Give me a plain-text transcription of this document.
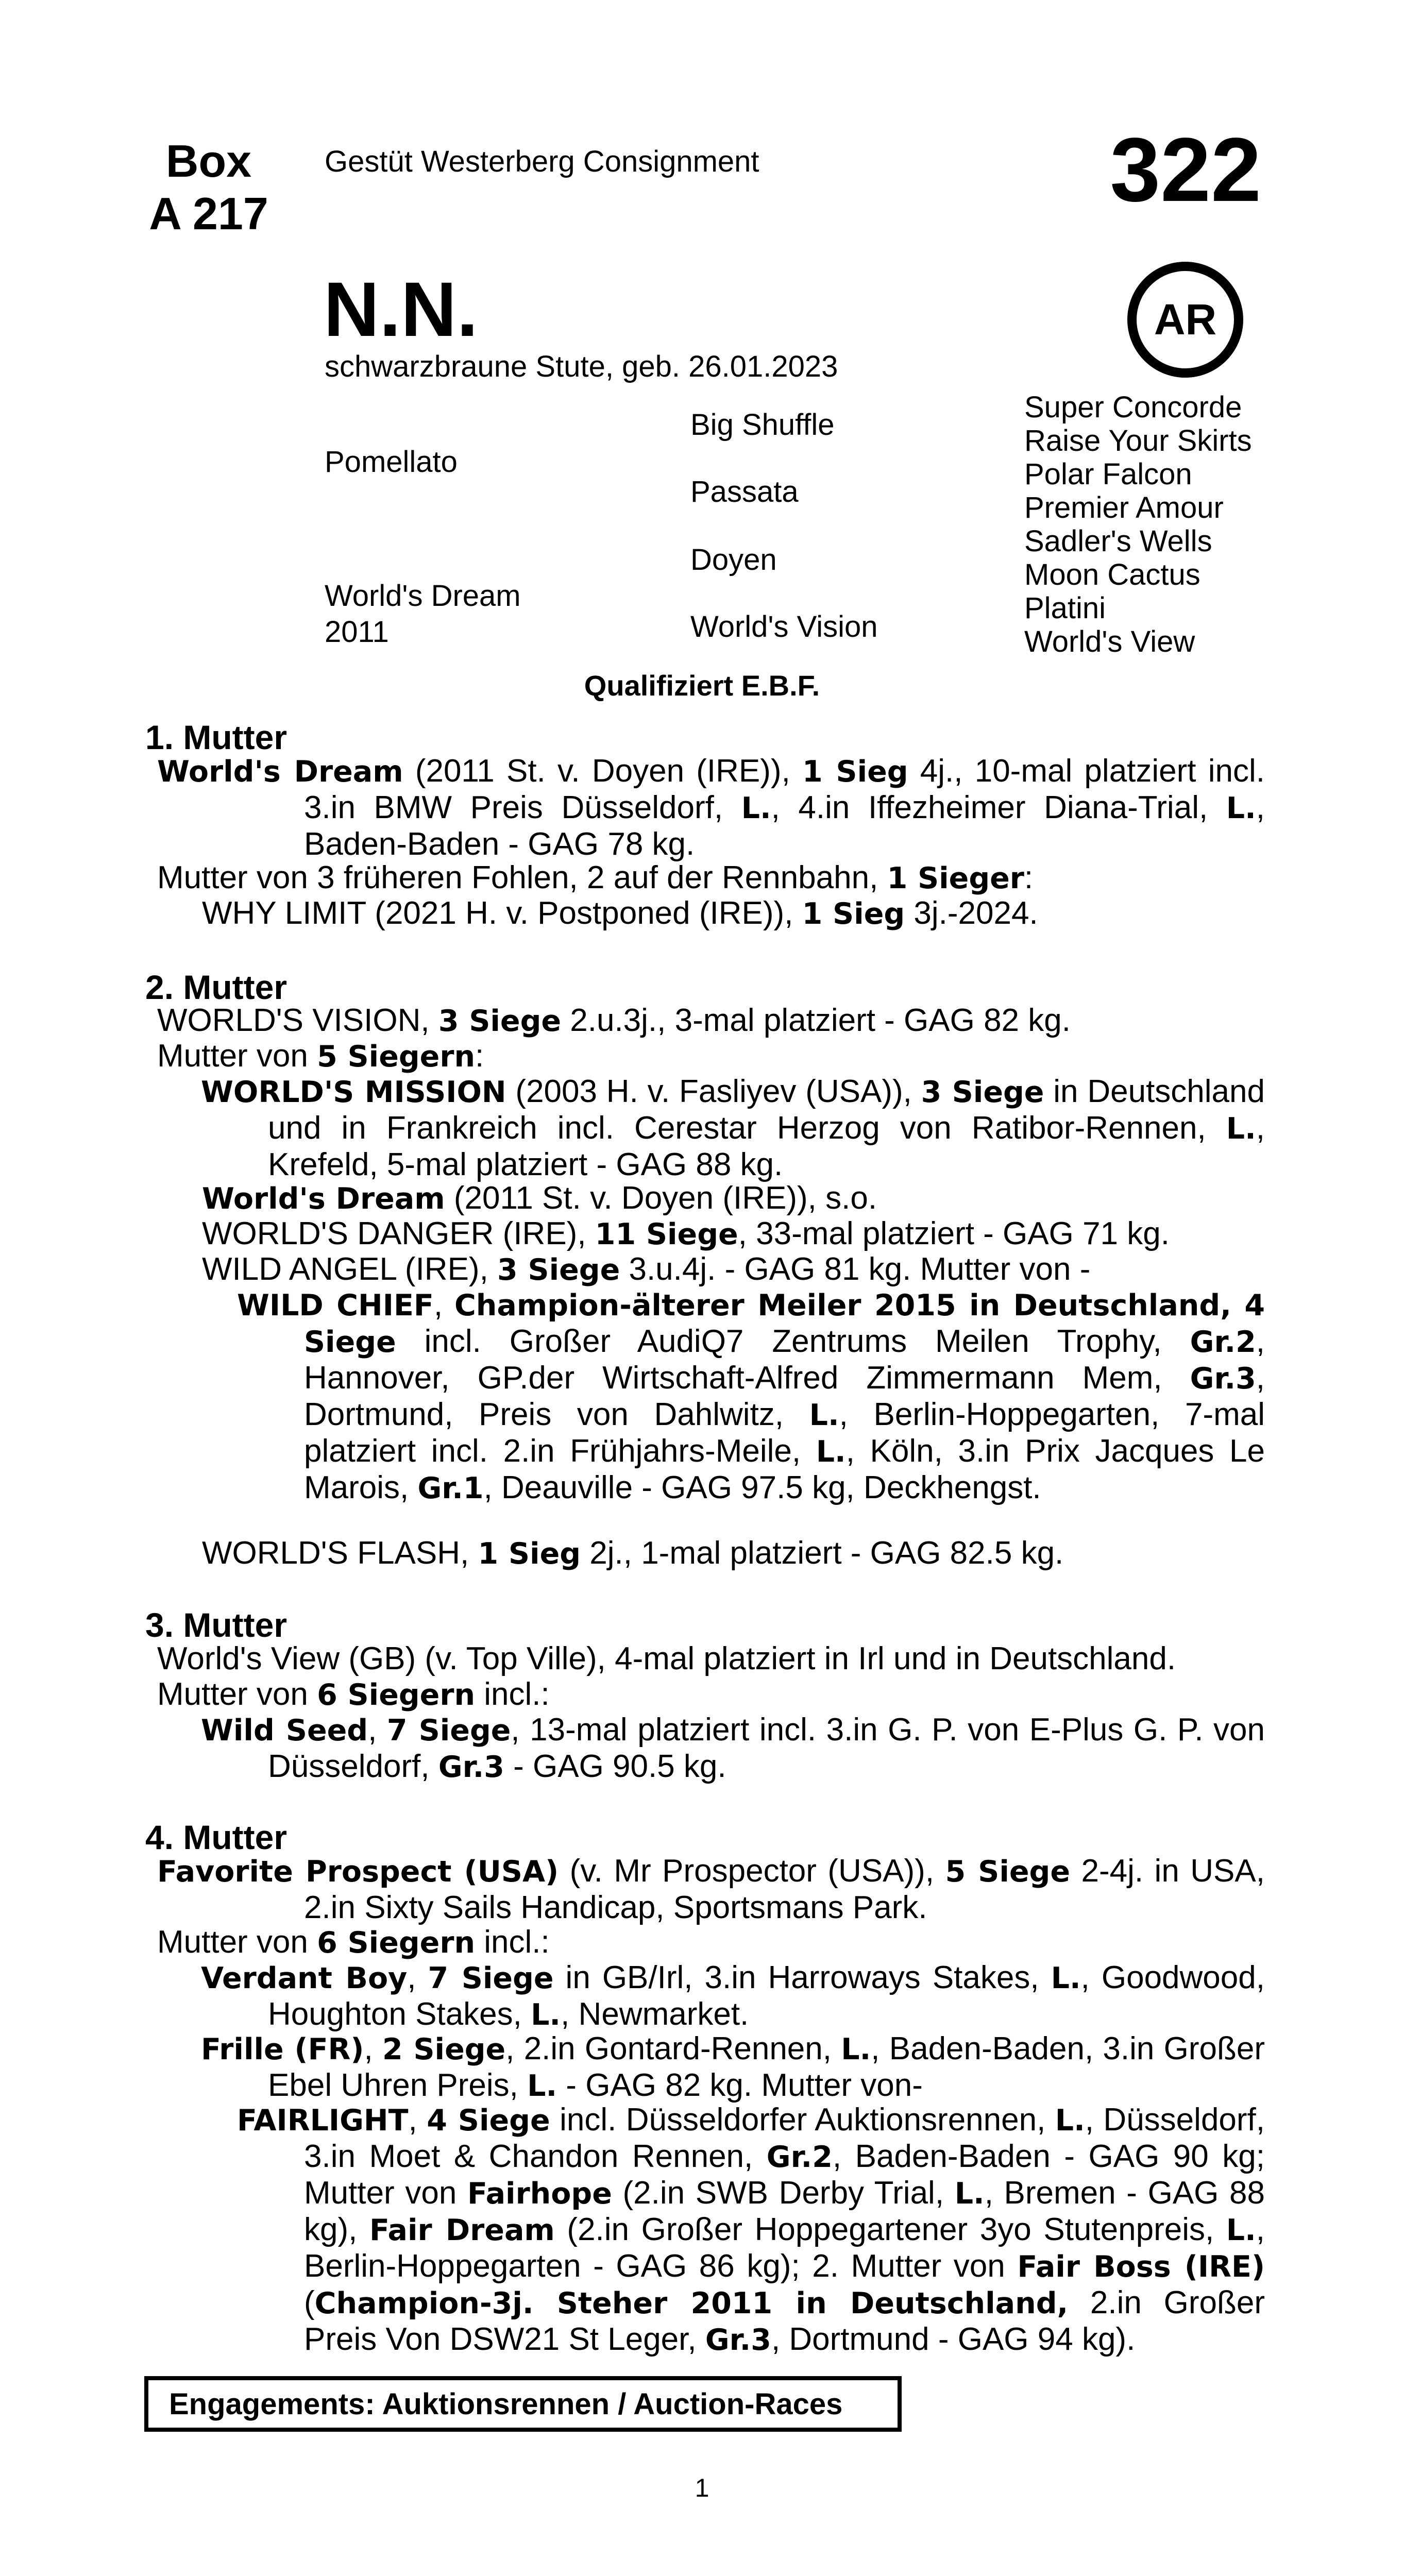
Box
A 217
Gestüt Westerberg Consignment	322
AR
N.N.
schwarzbraune Stute, geb. 26.01.2023
Pomellato
World's Dream
2011
Big Shuffle
Passata
Doyen
World's Vision
Super Concorde
Raise Your Skirts
Polar Falcon
Premier Amour
Sadler's Wells
Moon Cactus
Platini
World's View
Qualifiziert E.B.F.
1. Mutter

World's Dream (2011 St. v. Doyen (IRE)), 1 Sieg 4j., 10-mal platziert incl. 3.in BMW Preis Düsseldorf, L., 4.in Iffezheimer Diana-Trial, L., Baden-Baden - GAG 78 kg.

Mutter von 3 früheren Fohlen, 2 auf der Rennbahn, 1 Sieger:

WHY LIMIT (2021 H. v. Postponed (IRE)), 1 Sieg 3j.-2024.

2. Mutter

WORLD'S VISION, 3 Siege 2.u.3j., 3-mal platziert - GAG 82 kg.

Mutter von 5 Siegern:

WORLD'S MISSION (2003 H. v. Fasliyev (USA)), 3 Siege in Deutschland und in Frankreich incl. Cerestar Herzog von Ratibor-Rennen, L., Krefeld, 5-mal platziert - GAG 88 kg.

World's Dream (2011 St. v. Doyen (IRE)), s.o.

WORLD'S DANGER (IRE), 11 Siege, 33-mal platziert - GAG 71 kg.

WILD ANGEL (IRE), 3 Siege 3.u.4j. - GAG 81 kg. Mutter von -

WILD CHIEF, Champion-älterer Meiler 2015 in Deutschland, 4 Siege incl. Großer AudiQ7 Zentrums Meilen Trophy, Gr.2, Hannover, GP.der Wirtschaft-Alfred Zimmermann Mem, Gr.3, Dortmund, Preis von Dahlwitz, L., Berlin-Hoppegarten, 7-mal platziert incl. 2.in Frühjahrs-Meile, L., Köln, 3.in Prix Jacques Le Marois, Gr.1, Deauville - GAG 97.5 kg, Deckhengst.

WORLD'S FLASH, 1 Sieg 2j., 1-mal platziert - GAG 82.5 kg.

3. Mutter

World's View (GB) (v. Top Ville), 4-mal platziert in Irl und in Deutschland.

Mutter von 6 Siegern incl.:

Wild Seed, 7 Siege, 13-mal platziert incl. 3.in G. P. von E-Plus G. P. von Düsseldorf, Gr.3 - GAG 90.5 kg.

4. Mutter

Favorite Prospect (USA) (v. Mr Prospector (USA)), 5 Siege 2-4j. in USA, 2.in Sixty Sails Handicap, Sportsmans Park.

Mutter von 6 Siegern incl.:

Verdant Boy, 7 Siege in GB/Irl, 3.in Harroways Stakes, L., Goodwood, Houghton Stakes, L., Newmarket.

Frille (FR), 2 Siege, 2.in Gontard-Rennen, L., Baden-Baden, 3.in Großer Ebel Uhren Preis, L. - GAG 82 kg. Mutter von-

FAIRLIGHT, 4 Siege incl. Düsseldorfer Auktionsrennen, L., Düsseldorf, 3.in Moet & Chandon Rennen, Gr.2, Baden-Baden - GAG 90 kg; Mutter von Fairhope (2.in SWB Derby Trial, L., Bremen - GAG 88 kg), Fair Dream (2.in Großer Hoppegartener 3yo Stutenpreis, L., Berlin-Hoppegarten - GAG 86 kg); 2. Mutter von Fair Boss (IRE) (Champion-3j. Steher 2011 in Deutschland, 2.in Großer Preis Von DSW21 St Leger, Gr.3, Dortmund - GAG 94 kg).

Engagements: Auktionsrennen / Auction-Races
1
